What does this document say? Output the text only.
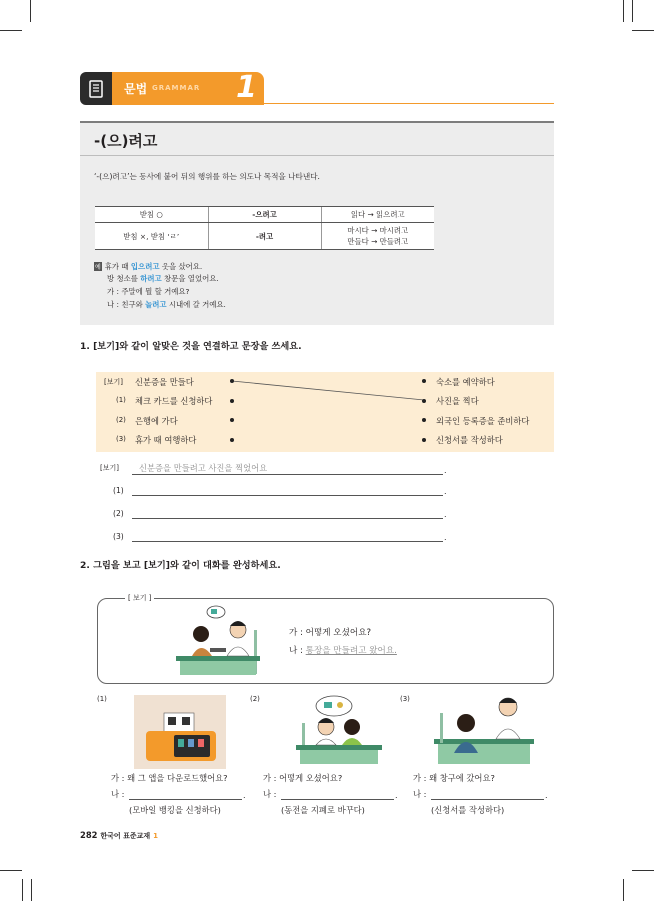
문법 GRAMMAR 1
-(으)려고
‘-(으)려고’는 동사에 붙어 뒤의 행위를 하는 의도나 목적을 나타낸다.
받침 ○	-으려고	읽다 → 읽으려고
받침 ×, 받침 ‘ㄹ’	-려고	마시다 → 마시려고
만들다 → 만들려고
예 휴가 때 입으려고 옷을 샀어요.
방 청소를 하려고 창문을 열었어요.
가 : 주말에 뭘 할 거예요?
나 : 친구와 놀려고 시내에 갈 거예요.
1. [보기]와 같이 알맞은 것을 연결하고 문장을 쓰세요.
[보기] 신분증을 만들다
(1) 체크 카드를 신청하다
(2) 은행에 가다
(3) 휴가 때 여행하다
숙소를 예약하다
사진을 찍다
외국인 등록증을 준비하다
신청서를 작성하다
[보기] 신분증을 만들려고 사진을 찍었어요	.
(1)	.
(2)	.
(3)	.
2. 그림을 보고 [보기]와 같이 대화를 완성하세요.
[ 보기 ]
가 : 어떻게 오셨어요?
나 : 통장을 만들려고 왔어요.
(1)
가 : 왜 그 앱을 다운로드했어요?
나 :	.
(모바일 뱅킹을 신청하다)
(2)
가 : 어떻게 오셨어요?
나 :	.
(동전을 지폐로 바꾸다)
(3)
가 : 왜 창구에 갔어요?
나 :	.
(신청서를 작성하다)
282 한국어 표준교재 1
